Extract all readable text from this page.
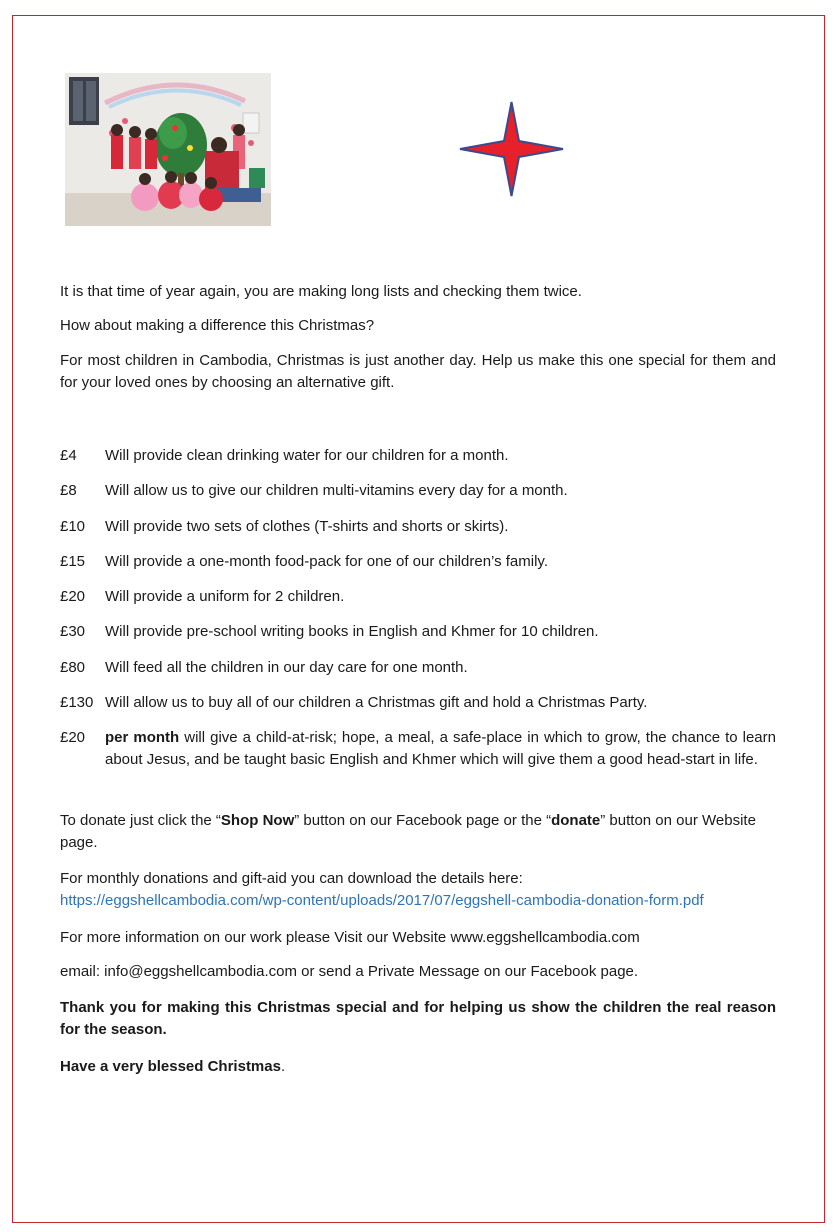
It is that time of year again, you are making long lists and checking them twice.

How about making a difference this Christmas?

For most children in Cambodia, Christmas is just another day. Help us make this one special for them and for your loved ones by choosing an alternative gift.

£4	Will provide clean drinking water for our children for a month.
£8	Will allow us to give our children multi-vitamins every day for a month.
£10	Will provide two sets of clothes (T-shirts and shorts or skirts).
£15	Will provide a one-month food-pack for one of our children’s family.
£20	Will provide a uniform for 2 children.
£30	Will provide pre-school writing books in English and Khmer for 10 children.
£80	Will feed all the children in our day care for one month.
£130 Will allow us to buy all of our children a Christmas gift and hold a Christmas Party.
£20	per month will give a child-at-risk; hope, a meal, a safe-place in which to grow, the chance to learn about Jesus, and be taught basic English and Khmer which will give them a good head-start in life.

To donate just click the “Shop Now” button on our Facebook page or the “donate” button on our Website page.

For monthly donations and gift-aid you can download the details here:
https://eggshellcambodia.com/wp-content/uploads/2017/07/eggshell-cambodia-donation-form.pdf

For more information on our work please Visit our Website www.eggshellcambodia.com

email: info@eggshellcambodia.com or send a Private Message on our Facebook page.

Thank you for making this Christmas special and for helping us show the children the real reason for the season.

Have a very blessed Christmas.
